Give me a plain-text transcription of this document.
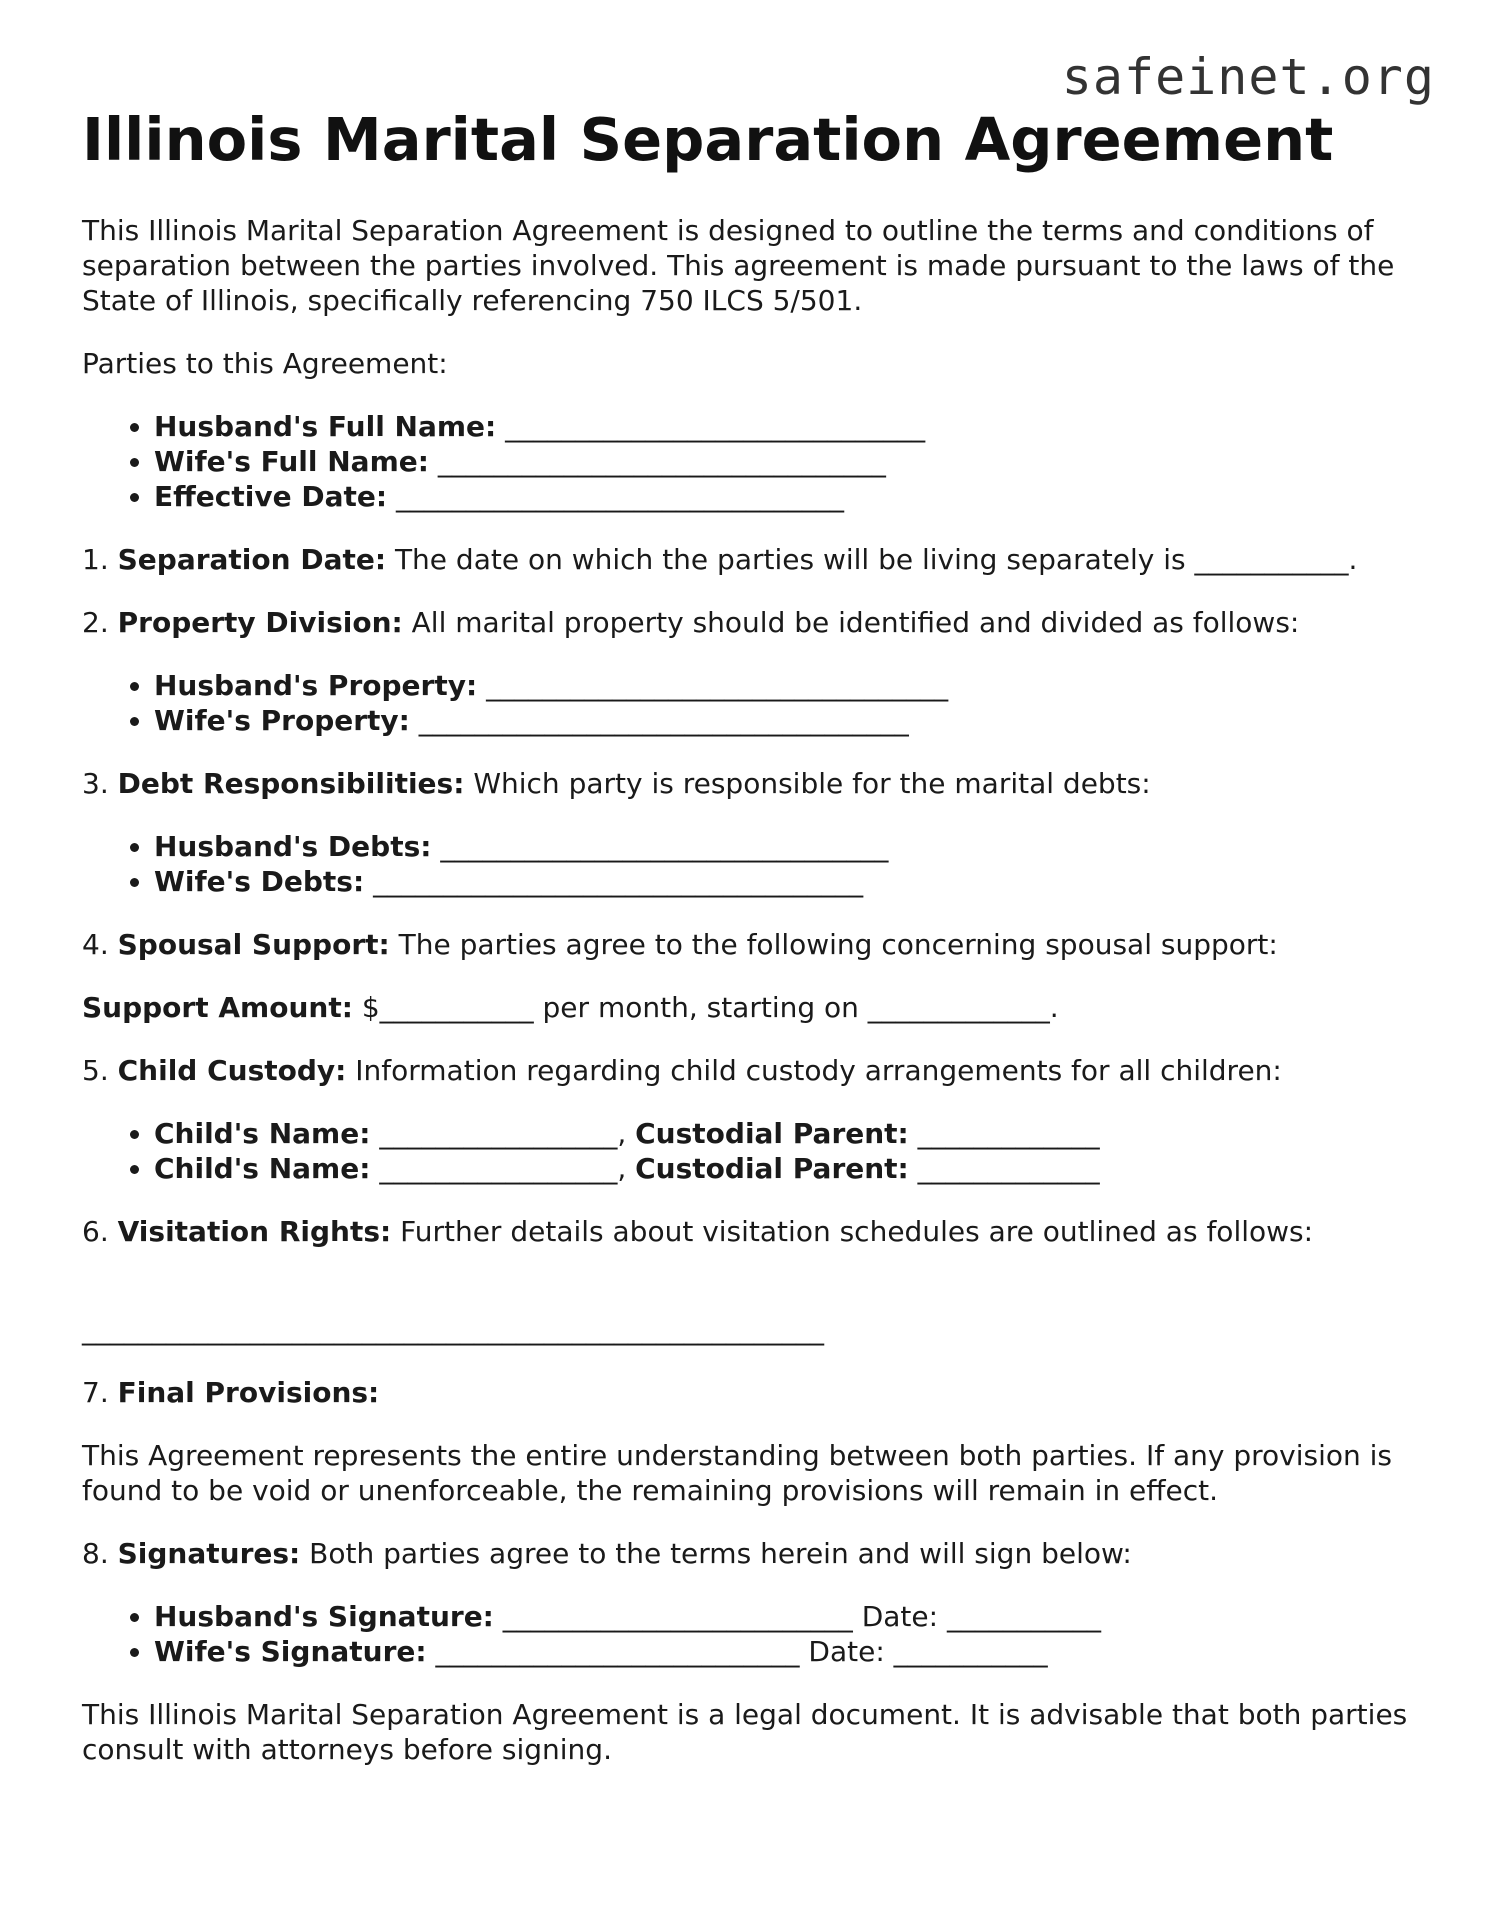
safeinet.org
Illinois Marital Separation Agreement

This Illinois Marital Separation Agreement is designed to outline the terms and conditions of separation between the parties involved. This agreement is made pursuant to the laws of the State of Illinois, specifically referencing 750 ILCS 5/501.

Parties to this Agreement:

• Husband's Full Name: ______________________________
• Wife's Full Name: ________________________________
• Effective Date: ________________________________

1. Separation Date: The date on which the parties will be living separately is ___________.

2. Property Division: All marital property should be identified and divided as follows:

• Husband's Property: _________________________________
• Wife's Property: ___________________________________

3. Debt Responsibilities: Which party is responsible for the marital debts:

• Husband's Debts: ________________________________
• Wife's Debts: ___________________________________

4. Spousal Support: The parties agree to the following concerning spousal support:

Support Amount: $___________ per month, starting on _____________.

5. Child Custody: Information regarding child custody arrangements for all children:

• Child's Name: _________________, Custodial Parent: _____________
• Child's Name: _________________, Custodial Parent: _____________

6. Visitation Rights: Further details about visitation schedules are outlined as follows:

_____________________________________________________

7. Final Provisions:

This Agreement represents the entire understanding between both parties. If any provision is found to be void or unenforceable, the remaining provisions will remain in effect.

8. Signatures: Both parties agree to the terms herein and will sign below:

• Husband's Signature: _________________________ Date: ___________
• Wife's Signature: __________________________ Date: ___________

This Illinois Marital Separation Agreement is a legal document. It is advisable that both parties consult with attorneys before signing.
